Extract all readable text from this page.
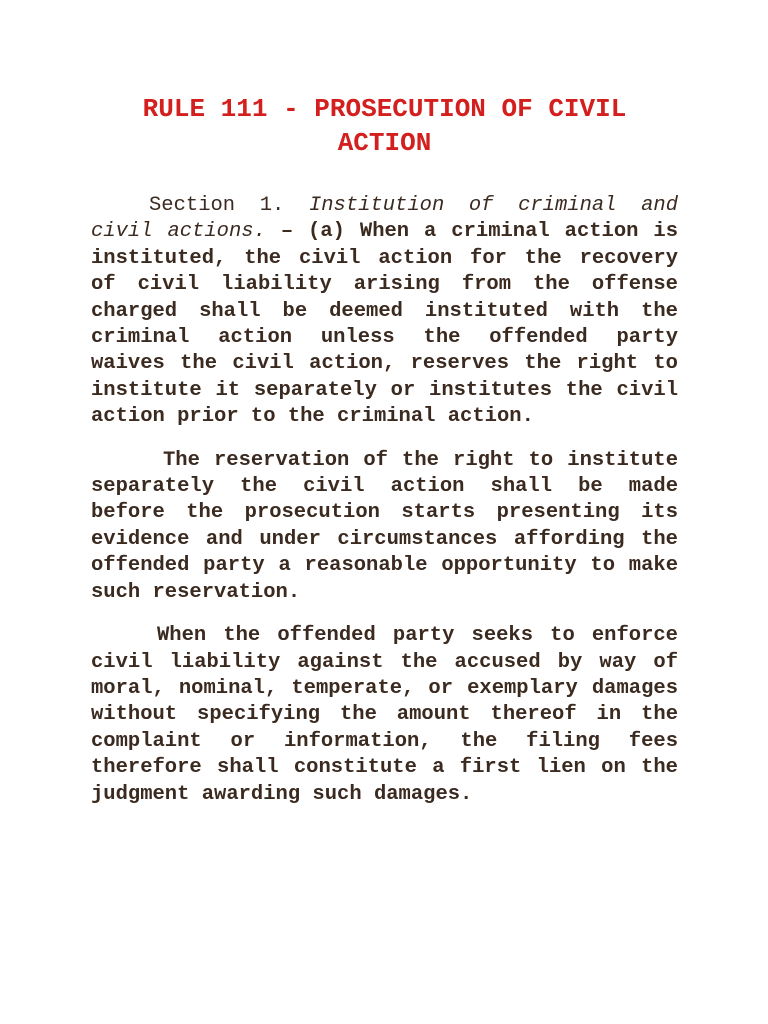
RULE 111 - PROSECUTION OF CIVIL ACTION

Section 1. Institution of criminal and civil actions. – (a) When a criminal action is instituted, the civil action for the recovery of civil liability arising from the offense charged shall be deemed instituted with the criminal action unless the offended party waives the civil action, reserves the right to institute it separately or institutes the civil action prior to the criminal action.

The reservation of the right to institute separately the civil action shall be made before the prosecution starts presenting its evidence and under circumstances affording the offended party a reasonable opportunity to make such reservation.

When the offended party seeks to enforce civil liability against the accused by way of moral, nominal, temperate, or exemplary damages without specifying the amount thereof in the complaint or information, the filing fees therefore shall constitute a first lien on the judgment awarding such damages.
